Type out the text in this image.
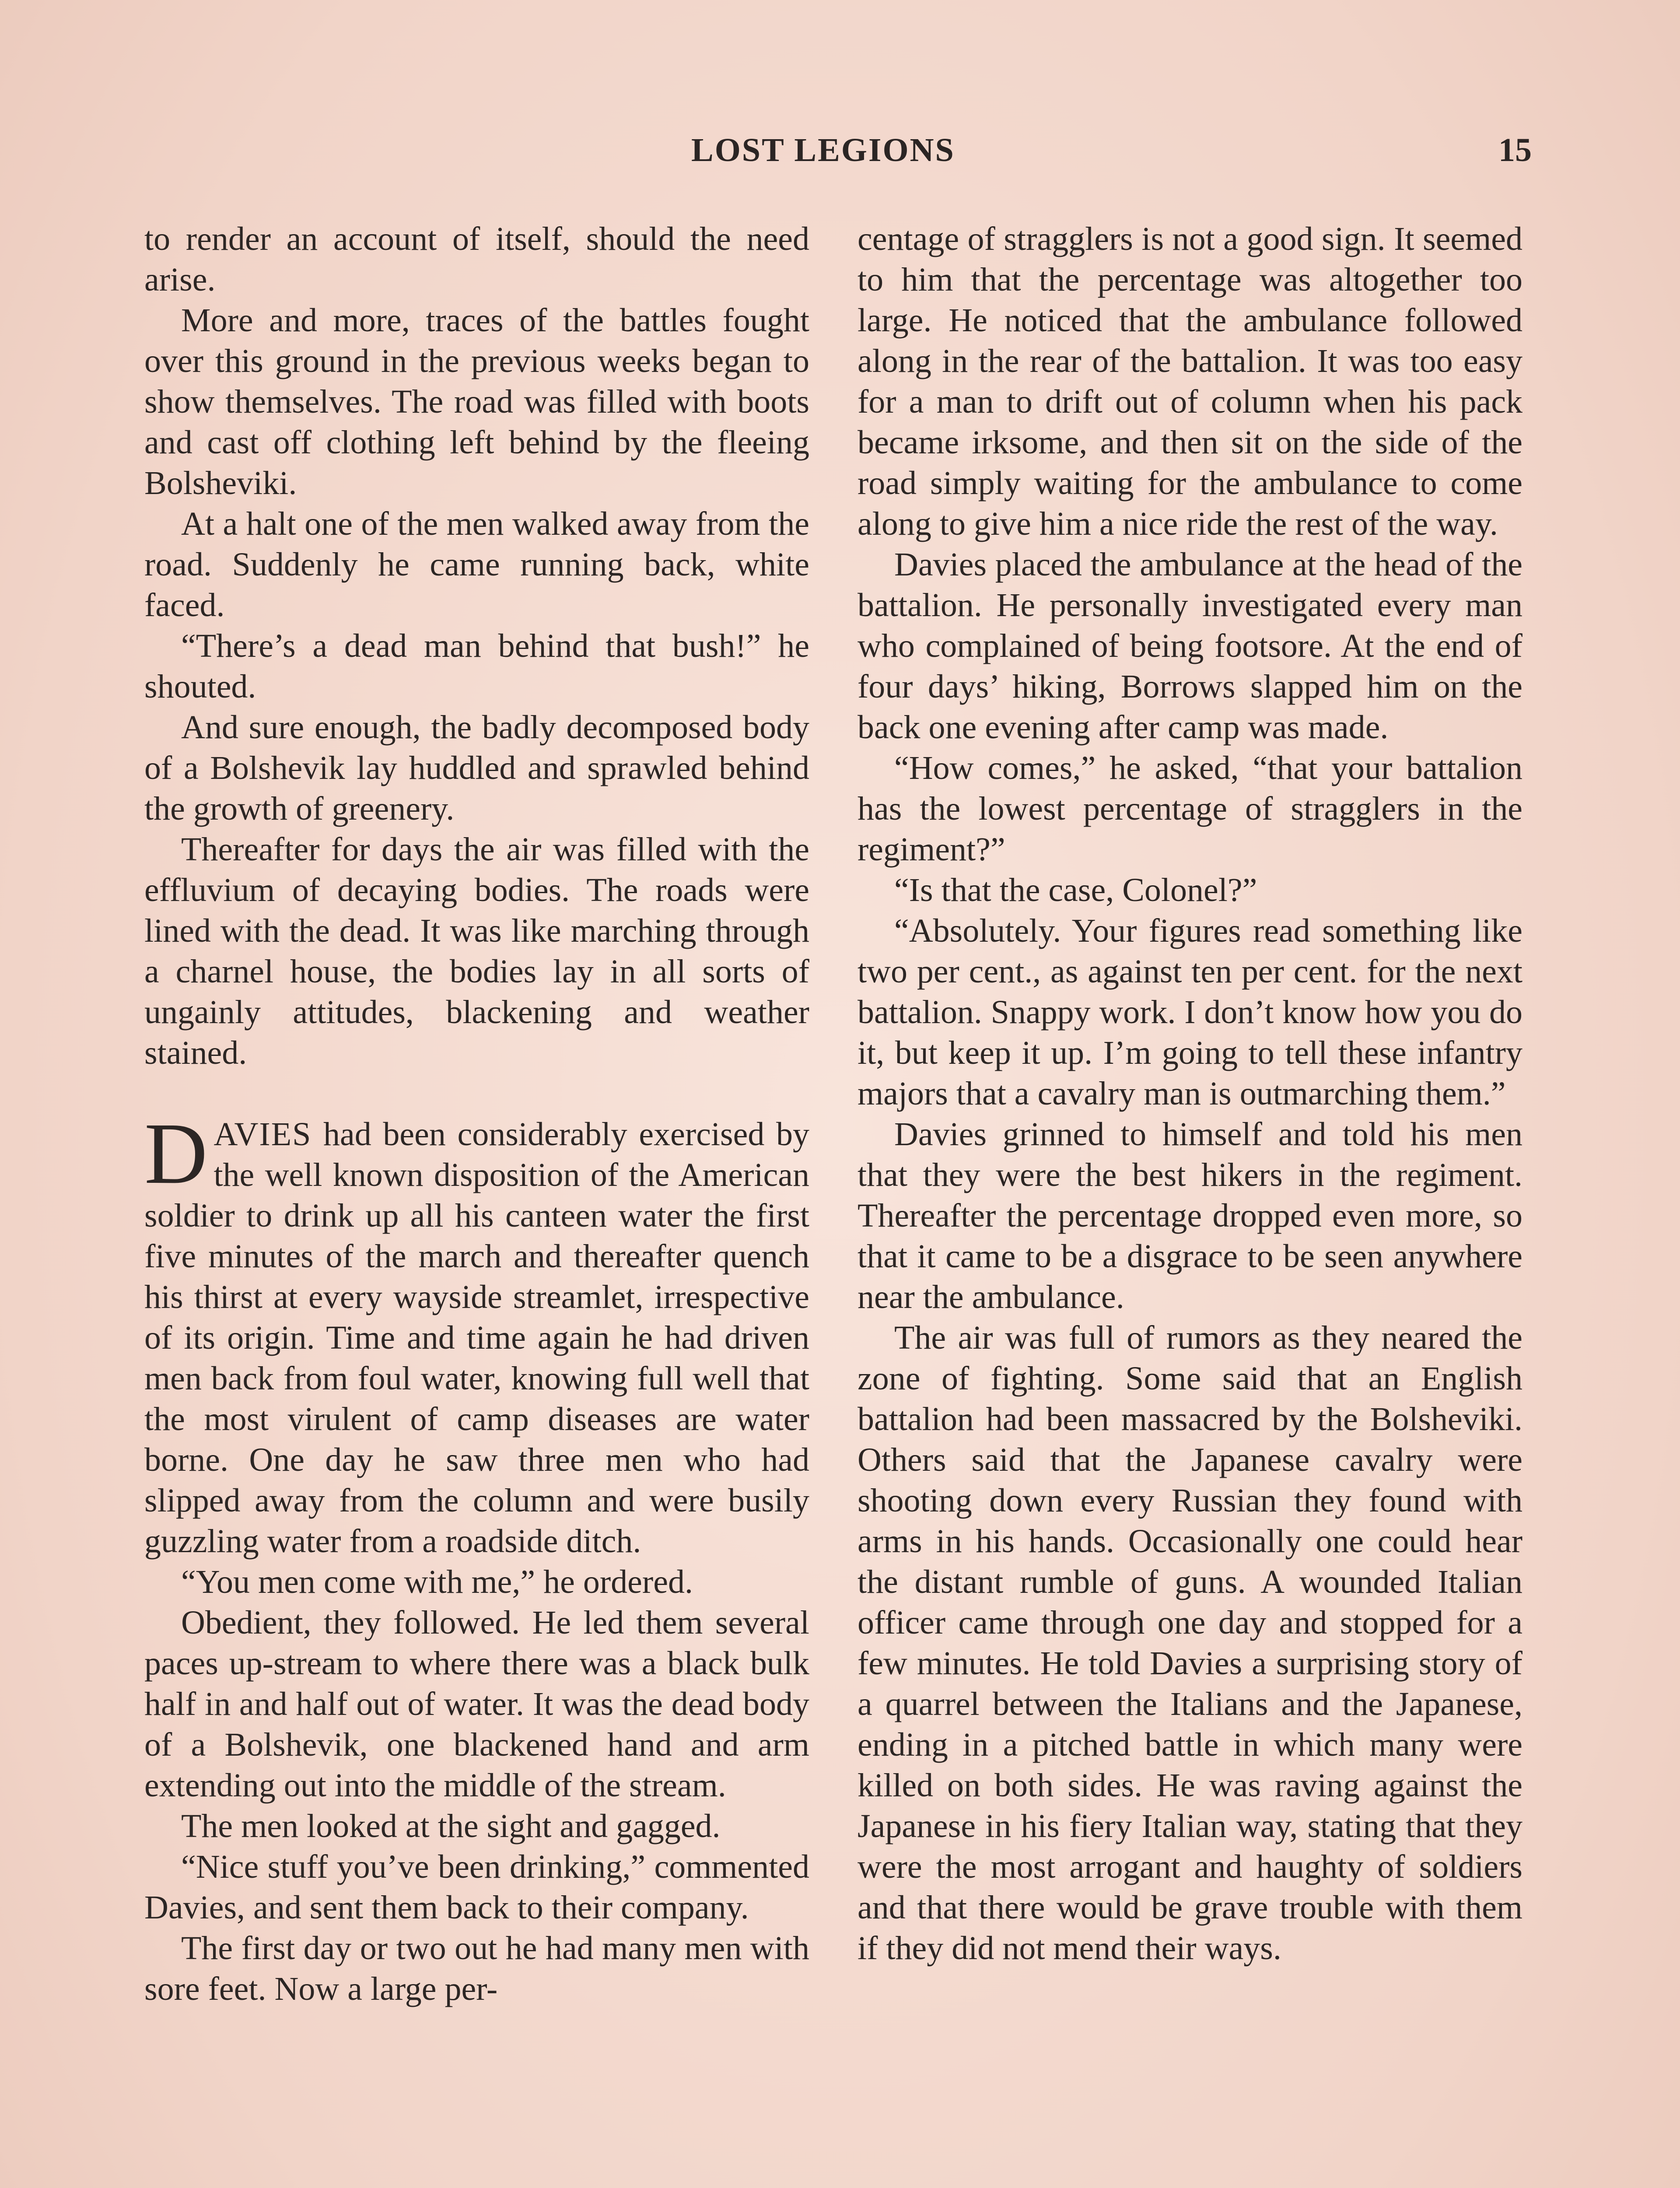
LOST LEGIONS	15

to render an account of itself, should the need arise.

More and more, traces of the battles fought over this ground in the previous weeks began to show themselves. The road was filled with boots and cast off clothing left behind by the fleeing Bolsheviki.

At a halt one of the men walked away from the road. Suddenly he came running back, white faced.

“There’s a dead man behind that bush!” he shouted.

And sure enough, the badly decomposed body of a Bolshevik lay huddled and sprawled behind the growth of greenery.

Thereafter for days the air was filled with the effluvium of decaying bodies. The roads were lined with the dead. It was like marching through a charnel house, the bodies lay in all sorts of ungainly attitudes, blackening and weather stained.

DAVIES had been considerably exercised by the well known disposition of the American soldier to drink up all his canteen water the first five minutes of the march and thereafter quench his thirst at every wayside streamlet, irrespective of its origin. Time and time again he had driven men back from foul water, knowing full well that the most virulent of camp diseases are water borne. One day he saw three men who had slipped away from the column and were busily guzzling water from a roadside ditch.

“You men come with me,” he ordered.

Obedient, they followed. He led them several paces up-stream to where there was a black bulk half in and half out of water. It was the dead body of a Bolshevik, one blackened hand and arm extending out into the middle of the stream.

The men looked at the sight and gagged.

“Nice stuff you’ve been drinking,” commented Davies, and sent them back to their company.

The first day or two out he had many men with sore feet. Now a large per-

centage of stragglers is not a good sign. It seemed to him that the percentage was altogether too large. He noticed that the ambulance followed along in the rear of the battalion. It was too easy for a man to drift out of column when his pack became irksome, and then sit on the side of the road simply waiting for the ambulance to come along to give him a nice ride the rest of the way.

Davies placed the ambulance at the head of the battalion. He personally investigated every man who complained of being footsore. At the end of four days’ hiking, Borrows slapped him on the back one evening after camp was made.

“How comes,” he asked, “that your battalion has the lowest percentage of stragglers in the regiment?”

“Is that the case, Colonel?”

“Absolutely. Your figures read something like two per cent., as against ten per cent. for the next battalion. Snappy work. I don’t know how you do it, but keep it up. I’m going to tell these infantry majors that a cavalry man is outmarching them.”

Davies grinned to himself and told his men that they were the best hikers in the regiment. Thereafter the percentage dropped even more, so that it came to be a disgrace to be seen anywhere near the ambulance.

The air was full of rumors as they neared the zone of fighting. Some said that an English battalion had been massacred by the Bolsheviki. Others said that the Japanese cavalry were shooting down every Russian they found with arms in his hands. Occasionally one could hear the distant rumble of guns. A wounded Italian officer came through one day and stopped for a few minutes. He told Davies a surprising story of a quarrel between the Italians and the Japanese, ending in a pitched battle in which many were killed on both sides. He was raving against the Japanese in his fiery Italian way, stating that they were the most arrogant and haughty of soldiers and that there would be grave trouble with them if they did not mend their ways.
